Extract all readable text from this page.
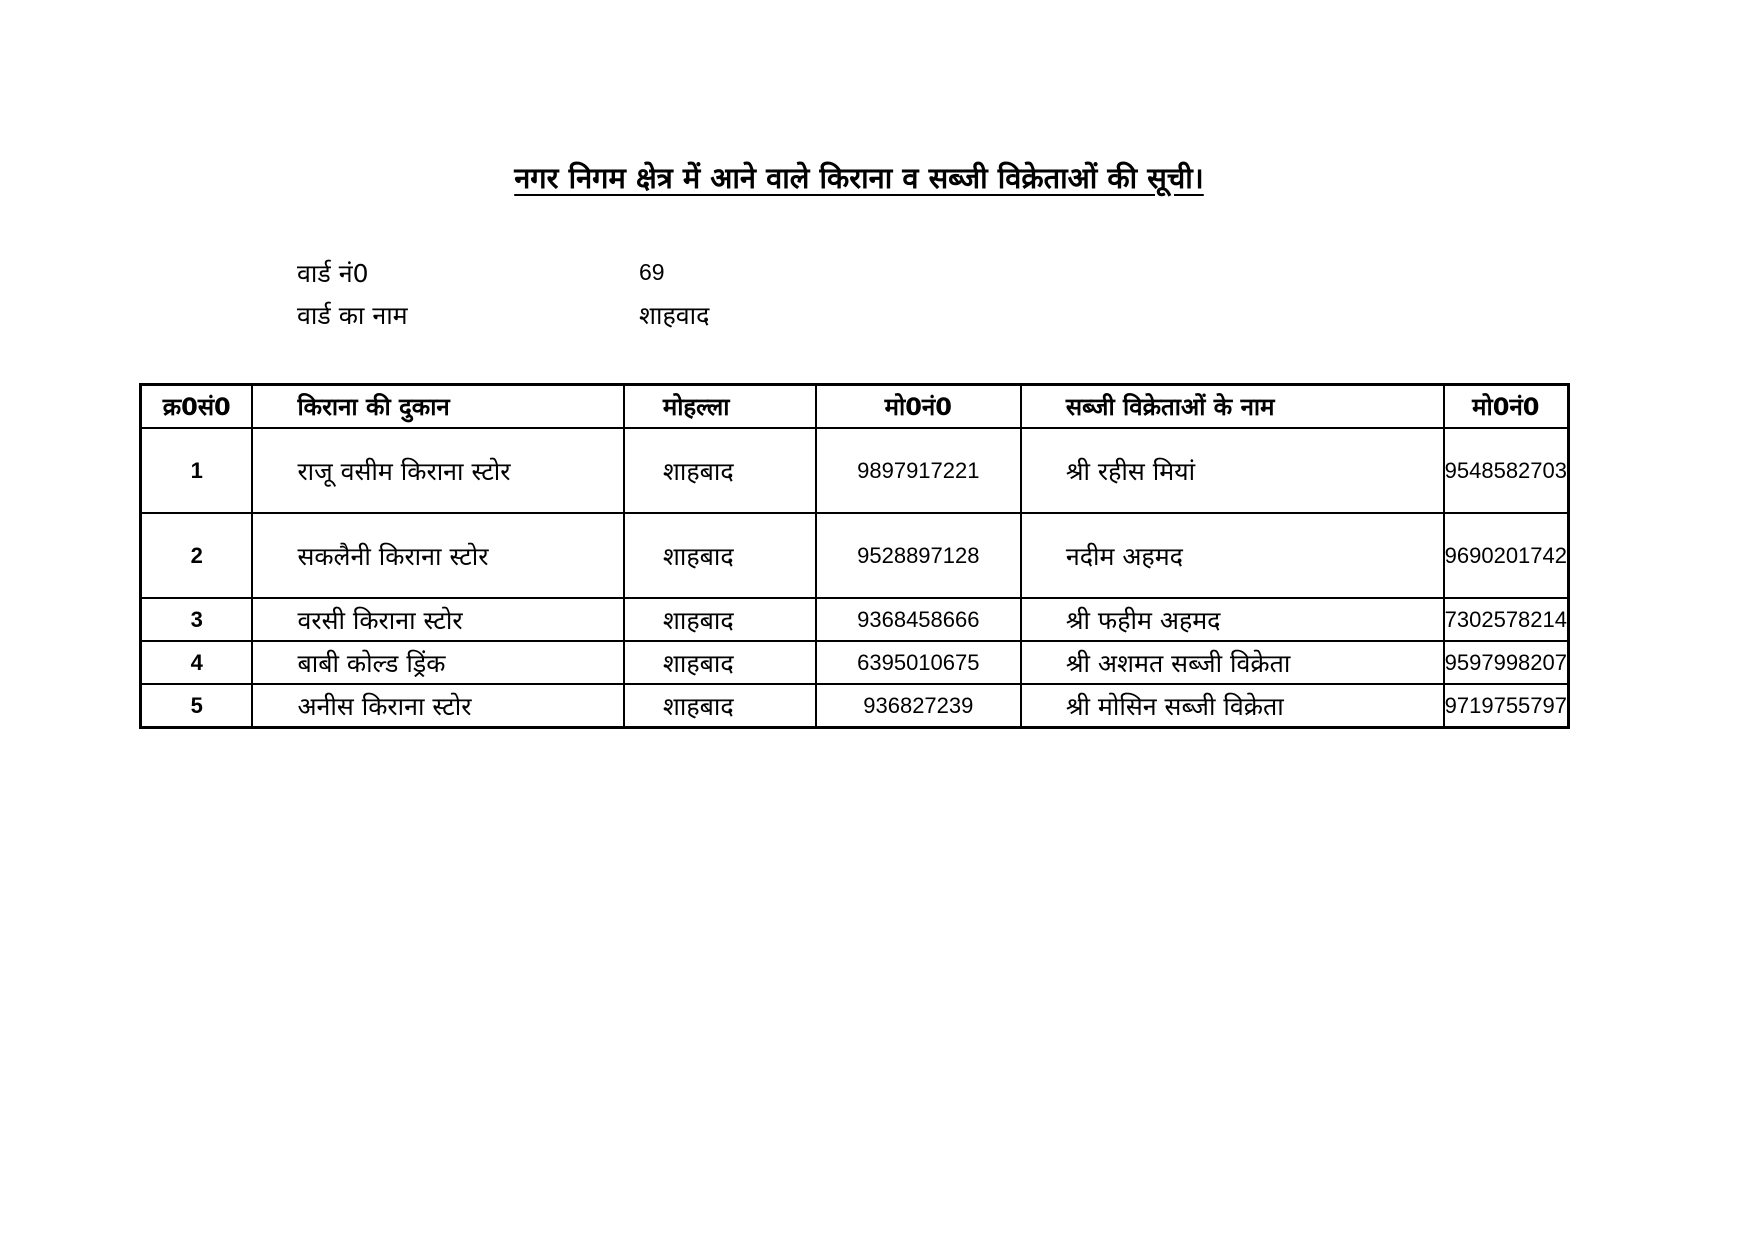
नगर निगम क्षेत्र में आने वाले किराना व सब्जी विक्रेताओं की सूची।
वार्ड नं0	69
वार्ड का नाम	शाहवाद
क्र0सं0	किराना की दुकान	मोहल्ला	मो0नं0	सब्जी विक्रेताओं के नाम	मो0नं0
1	राजू वसीम किराना स्टोर	शाहबाद	9897917221	श्री रहीस मियां	9548582703
2	सकलैनी किराना स्टोर	शाहबाद	9528897128	नदीम अहमद	9690201742
3	वरसी किराना स्टोर	शाहबाद	9368458666	श्री फहीम अहमद	7302578214
4	बाबी कोल्ड ड्रिंक	शाहबाद	6395010675	श्री अशमत सब्जी विक्रेता	9597998207
5	अनीस किराना स्टोर	शाहबाद	936827239	श्री मोसिन सब्जी विक्रेता	9719755797
